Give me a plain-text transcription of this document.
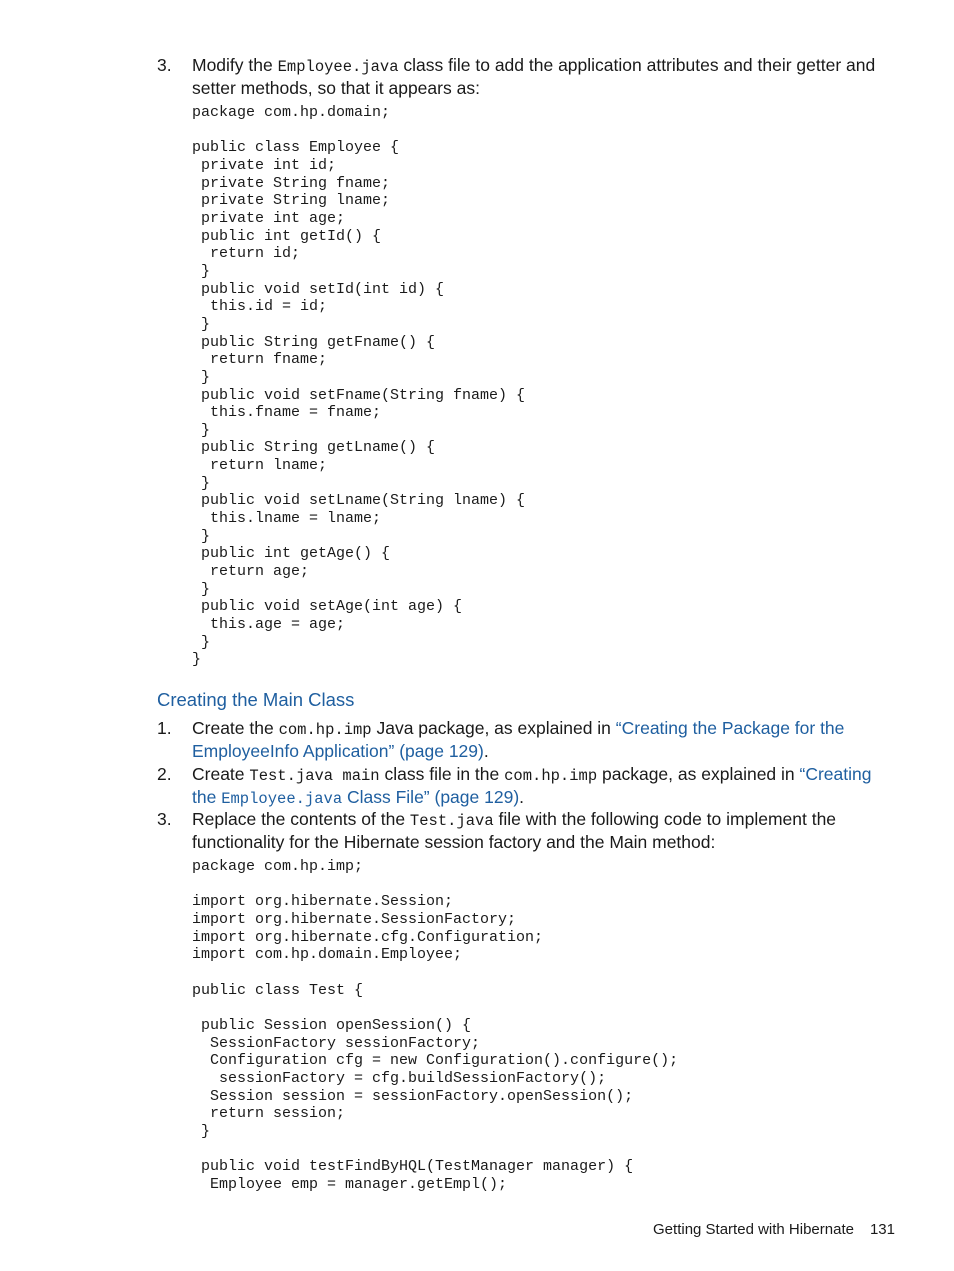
3. Modify the Employee.java class file to add the application attributes and their getter and setter methods, so that it appears as:
package com.hp.domain;

public class Employee {
private int id;
private String fname;
private String lname;
private int age;
public int getId() {
return id;
}
public void setId(int id) {
this.id = id;
}
public String getFname() {
return fname;
}
public void setFname(String fname) {
this.fname = fname;
}
public String getLname() {
return lname;
}
public void setLname(String lname) {
this.lname = lname;
}
public int getAge() {
return age;
}
public void setAge(int age) {
this.age = age;
}
}
Creating the Main Class
1. Create the com.hp.imp Java package, as explained in “Creating the Package for the EmployeeInfo Application” (page 129).
2. Create Test.java main class file in the com.hp.imp package, as explained in “Creating the Employee.java Class File” (page 129).
3. Replace the contents of the Test.java file with the following code to implement the functionality for the Hibernate session factory and the Main method:
package com.hp.imp;

import org.hibernate.Session;
import org.hibernate.SessionFactory;
import org.hibernate.cfg.Configuration;
import com.hp.domain.Employee;

public class Test {

public Session openSession() {
SessionFactory sessionFactory;
Configuration cfg = new Configuration().configure();
sessionFactory = cfg.buildSessionFactory();
Session session = sessionFactory.openSession();
return session;
}

public void testFindByHQL(TestManager manager) {
Employee emp = manager.getEmpl();
Getting Started with Hibernate 131
